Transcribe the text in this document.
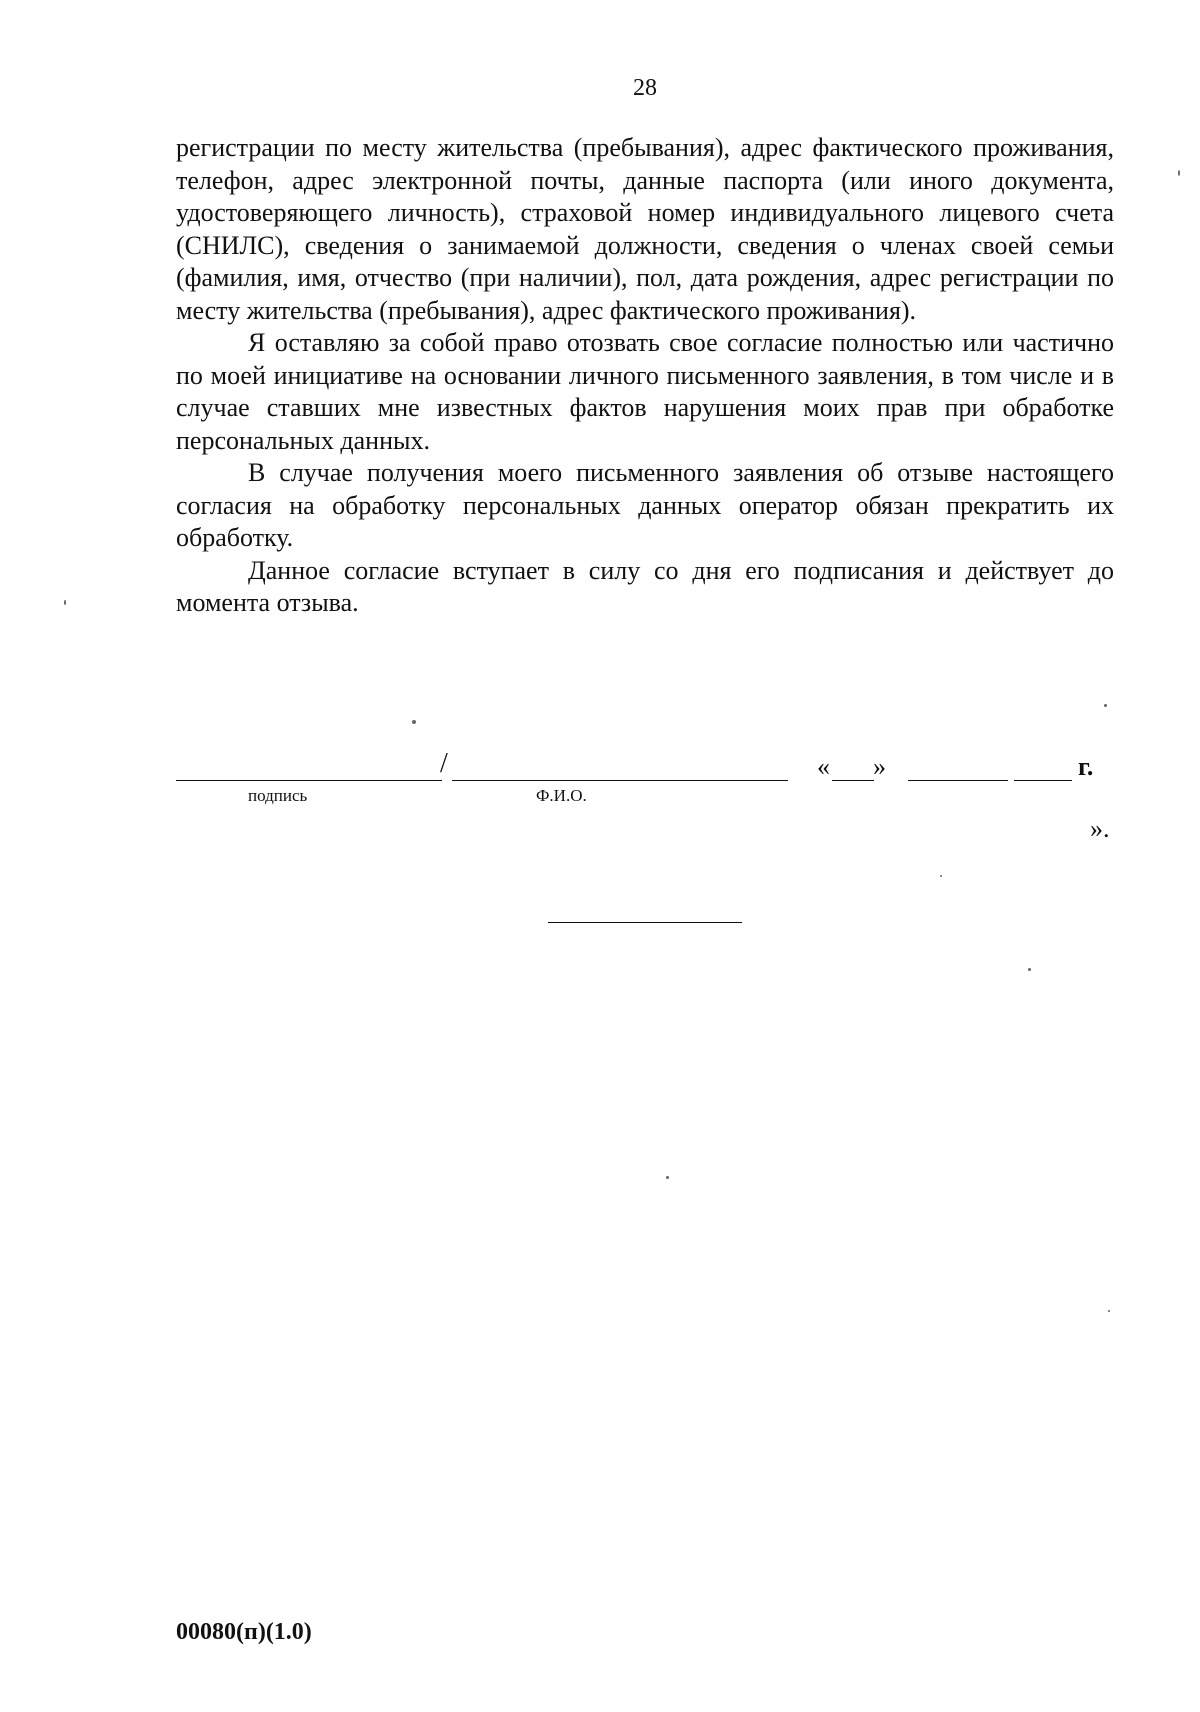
28

регистрации по месту жительства (пребывания), адрес фактического проживания, телефон, адрес электронной почты, данные паспорта (или иного документа, удостоверяющего личность), страховой номер индивидуального лицевого счета (СНИЛС), сведения о занимаемой должности, сведения о членах своей семьи (фамилия, имя, отчество (при наличии), пол, дата рождения, адрес регистрации по месту жительства (пребывания), адрес фактического проживания).

Я оставляю за собой право отозвать свое согласие полностью или частично по моей инициативе на основании личного письменного заявления, в том числе и в случае ставших мне известных фактов нарушения моих прав при обработке персональных данных.

В случае получения моего письменного заявления об отзыве настоящего согласия на обработку персональных данных оператор обязан прекратить их обработку.

Данное согласие вступает в силу со дня его подписания и действует до момента отзыва.

/	« »	г.
подпись	Ф.И.О.
».
00080(п)(1.0)
